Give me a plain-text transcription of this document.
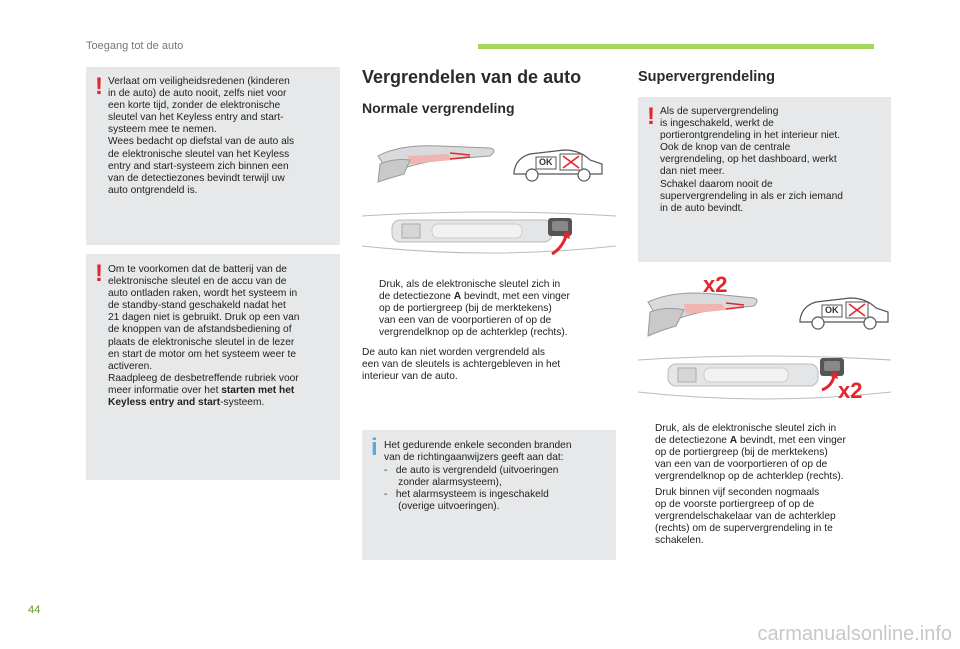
Toegang tot de auto
! Verlaat om veiligheidsredenen (kinderen
in de auto) de auto nooit, zelfs niet voor
een korte tijd, zonder de elektronische
sleutel van het Keyless entry and start-
systeem mee te nemen.
Wees bedacht op diefstal van de auto als
de elektronische sleutel van het Keyless
entry and start-systeem zich binnen een
van de detectiezones bevindt terwijl uw
auto ontgrendeld is.
! Om te voorkomen dat de batterij van de
elektronische sleutel en de accu van de
auto ontladen raken, wordt het systeem in
de standby-stand geschakeld nadat het
21 dagen niet is gebruikt. Druk op een van
de knoppen van de afstandsbediening of
plaats de elektronische sleutel in de lezer
en start de motor om het systeem weer te
activeren.
Raadpleeg de desbetreffende rubriek voor
meer informatie over het starten met het
Keyless entry and start-systeem.
Vergrendelen van de auto
Normale vergrendeling
OK
Druk, als de elektronische sleutel zich in
de detectiezone A bevindt, met een vinger
op de portiergreep (bij de merktekens)
van een van de voorportieren of op de
vergrendelknop op de achterklep (rechts).
De auto kan niet worden vergrendeld als
een van de sleutels is achtergebleven in het
interieur van de auto.
i Het gedurende enkele seconden branden
van de richtingaanwijzers geeft aan dat:
-   de auto is vergrendeld (uitvoeringen
zonder alarmsysteem),
-   het alarmsysteem is ingeschakeld
(overige uitvoeringen).
Supervergrendeling
! Als de supervergrendeling
is ingeschakeld, werkt de
portierontgrendeling in het interieur niet.
Ook de knop van de centrale
vergrendeling, op het dashboard, werkt
dan niet meer.
Schakel daarom nooit de
supervergrendeling in als er zich iemand
in de auto bevindt.
x2
OK
x2
Druk, als de elektronische sleutel zich in
de detectiezone A bevindt, met een vinger
op de portiergreep (bij de merktekens)
van een van de voorportieren of op de
vergrendelknop op de achterklep (rechts).
Druk binnen vijf seconden nogmaals
op de voorste portiergreep of op de
vergrendelschakelaar van de achterklep
(rechts) om de supervergrendeling in te
schakelen.
44
carmanualsonline.info
